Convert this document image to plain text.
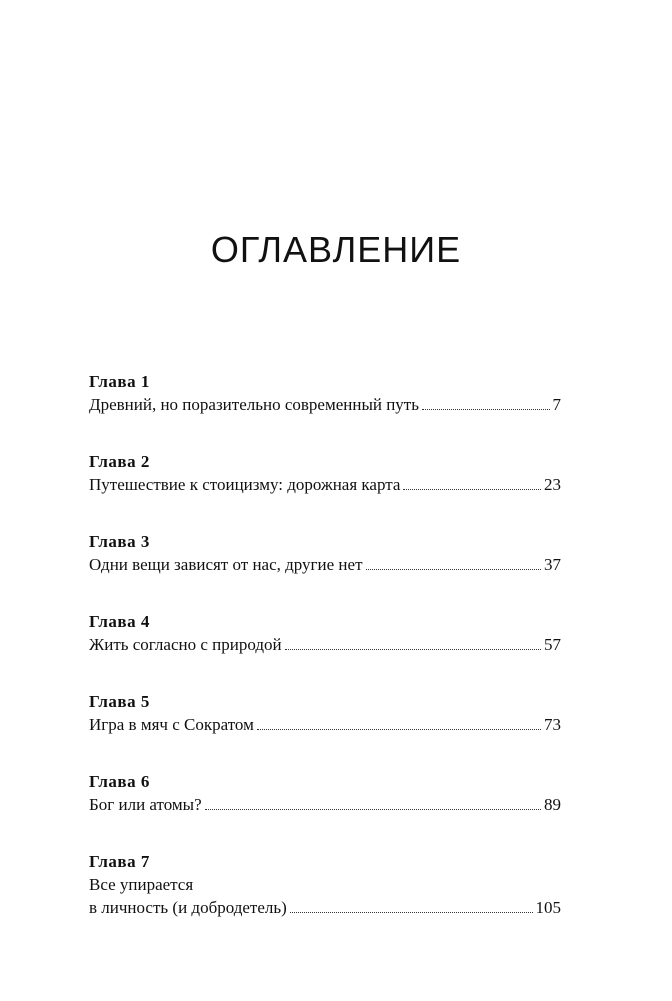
ОГЛАВЛЕНИЕ
Глава 1
Древний, но поразительно современный путь	7
Глава 2
Путешествие к стоицизму: дорожная карта	23
Глава 3
Одни вещи зависят от нас, другие нет	37
Глава 4
Жить согласно с природой	57
Глава 5
Игра в мяч с Сократом	73
Глава 6
Бог или атомы?	89
Глава 7
Все упирается
в личность (и добродетель)	105
